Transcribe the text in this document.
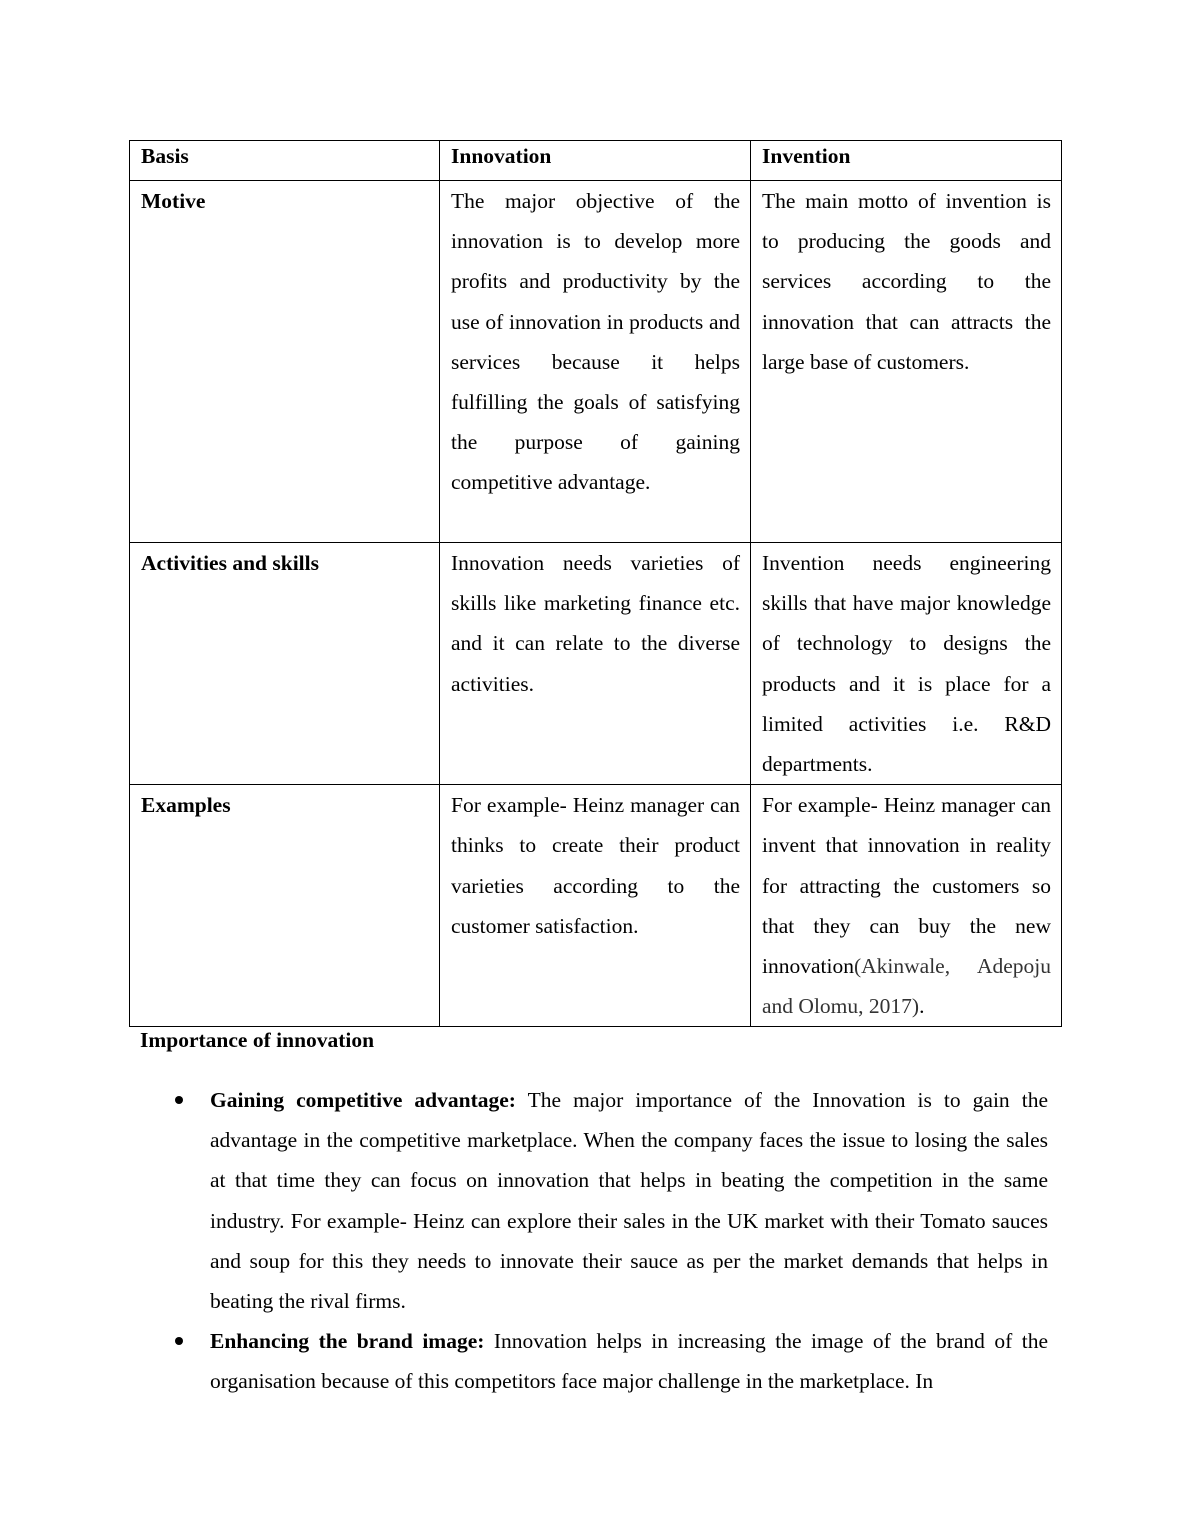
Basis	Innovation	Invention
Motive	The major objective of the innovation is to develop more profits and productivity by the use of innovation in products and services because it helps fulfilling the goals of satisfying the purpose of gaining competitive advantage.	The main motto of invention is to producing the goods and services according to the innovation that can attracts the large base of customers.
Activities and skills	Innovation needs varieties of skills like marketing finance etc. and it can relate to the diverse activities.	Invention needs engineering skills that have major knowledge of technology to designs the products and it is place for a limited activities i.e. R&D departments.
Examples	For example- Heinz manager can thinks to create their product varieties according to the customer satisfaction.	For example- Heinz manager can invent that innovation in reality for attracting the customers so that they can buy the new innovation(Akinwale, Adepoju and Olomu, 2017).
Importance of innovation
Gaining competitive advantage: The major importance of the Innovation is to gain the advantage in the competitive marketplace. When the company faces the issue to losing the sales at that time they can focus on innovation that helps in beating the competition in the same industry. For example- Heinz can explore their sales in the UK market with their Tomato sauces and soup for this they needs to innovate their sauce as per the market demands that helps in beating the rival firms.
Enhancing the brand image: Innovation helps in increasing the image of the brand of the organisation because of this competitors face major challenge in the marketplace. In
